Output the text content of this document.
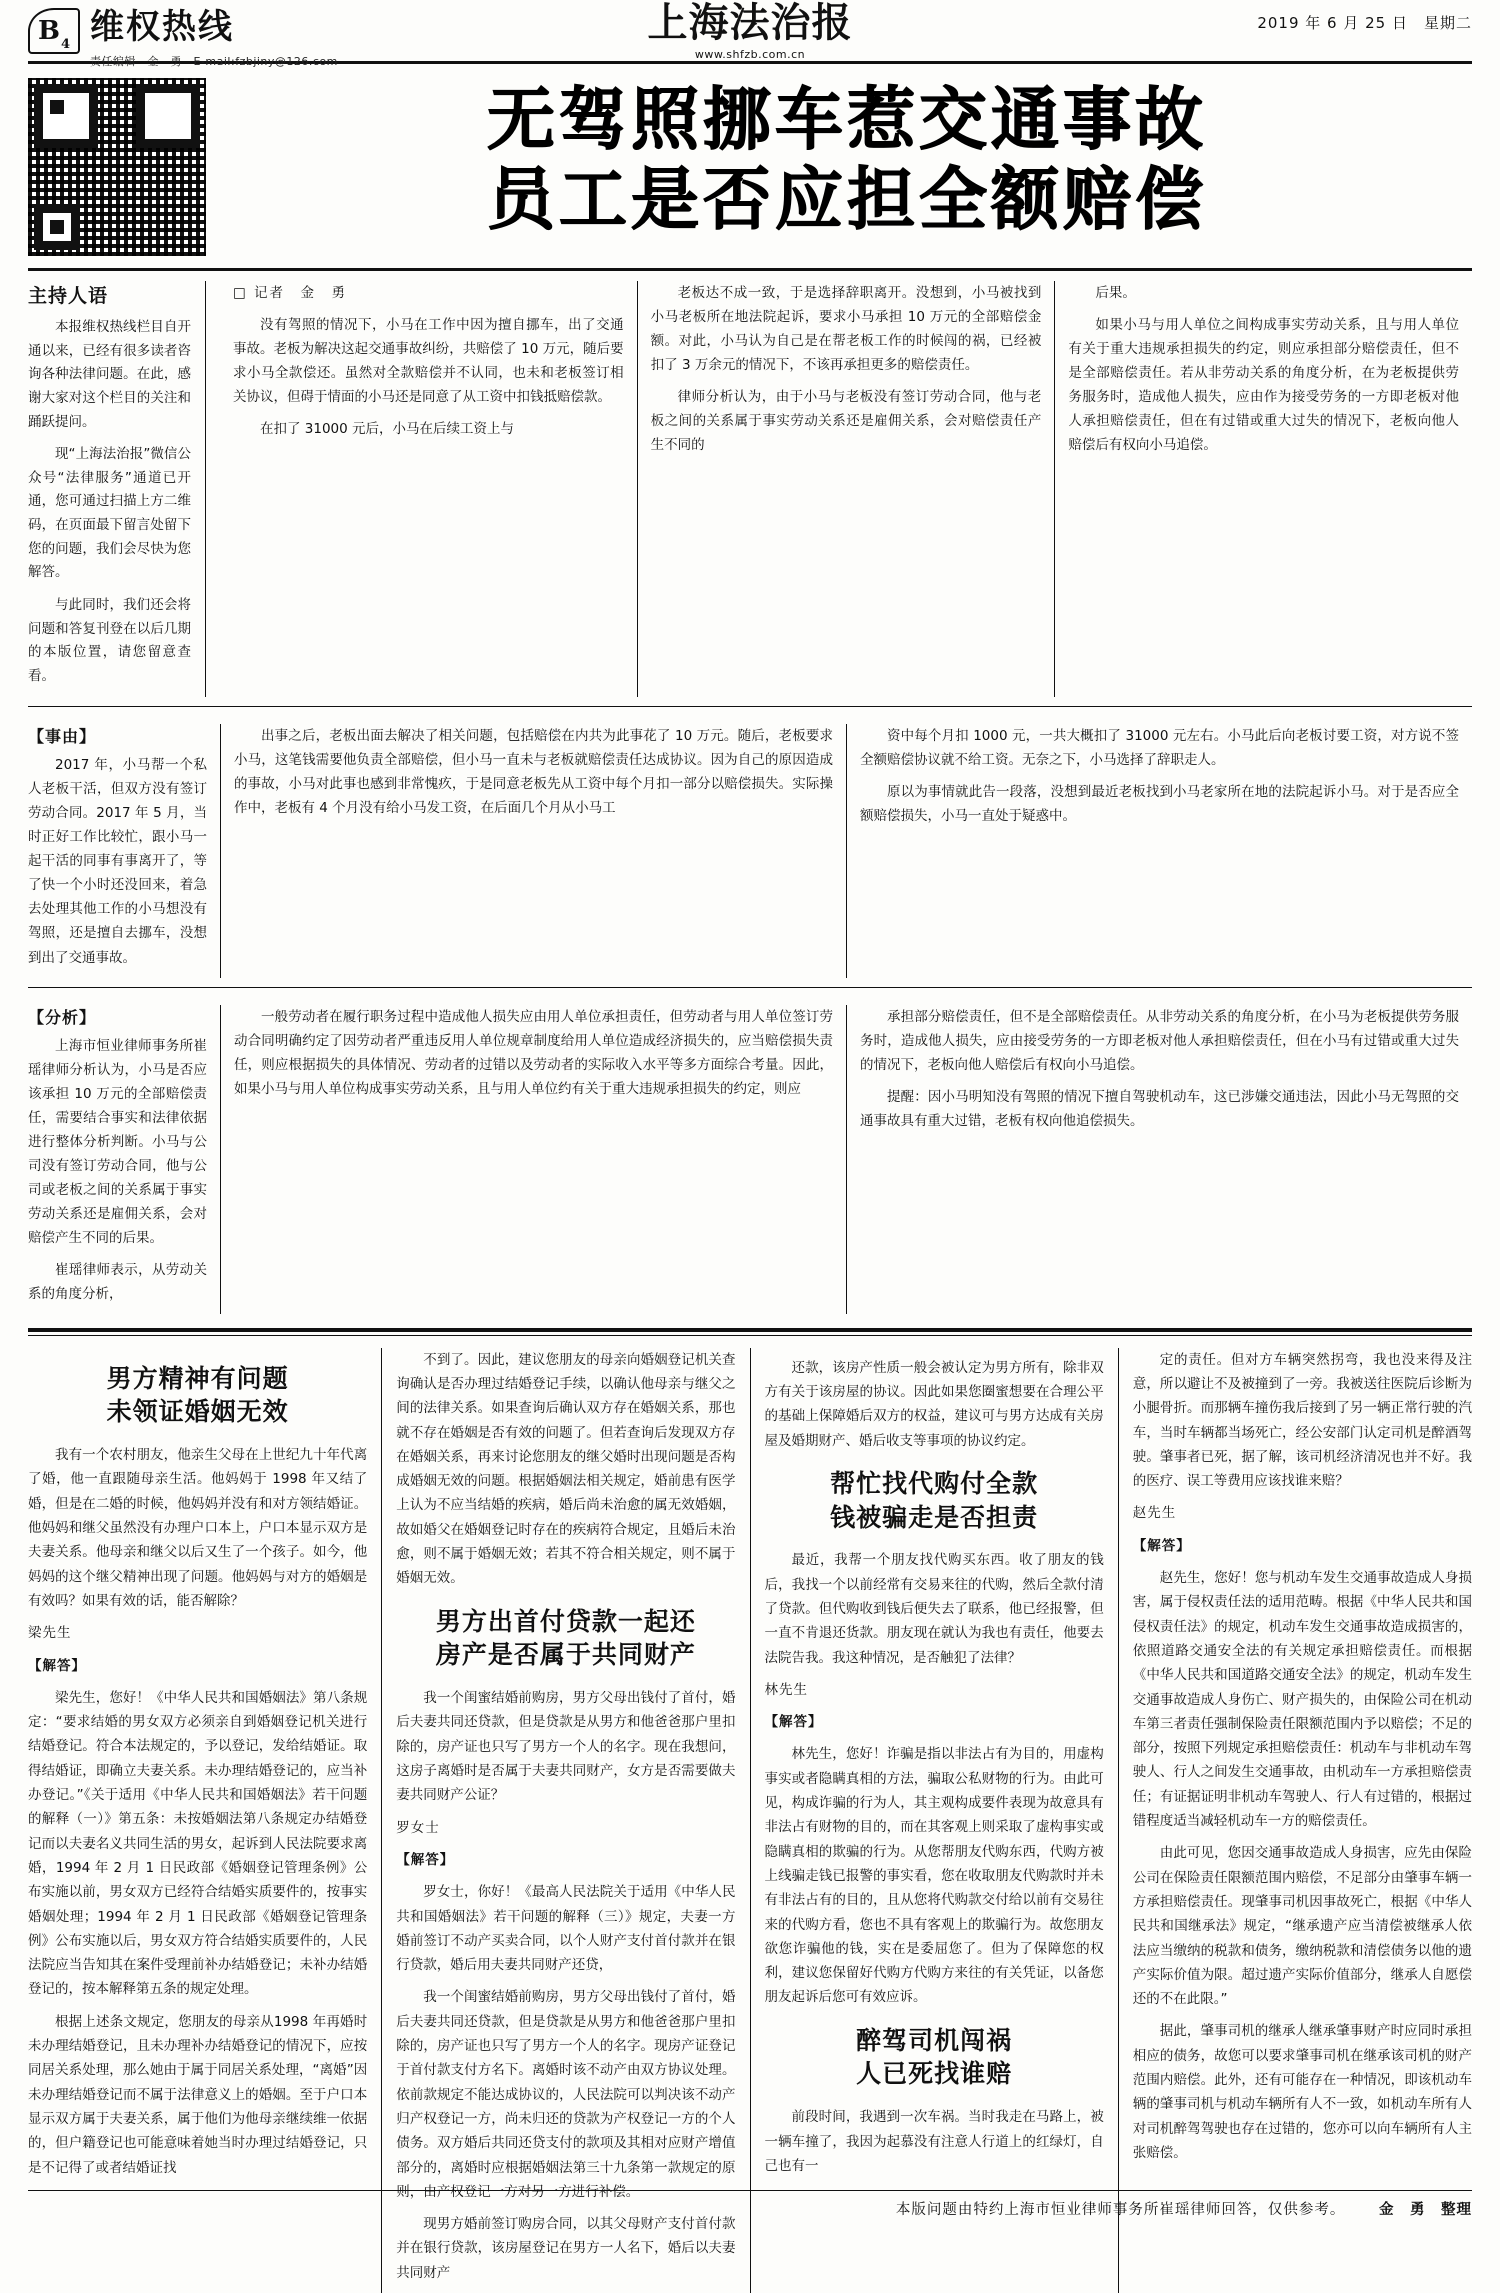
B 4 维权热线
责任编辑　金　勇　E-mail:fzbjiny@126.com
上海法治报
www.shfzb.com.cn
2019 年 6 月 25 日　星期二
无驾照挪车惹交通事故
员工是否应担全额赔偿
主持人语

本报维权热线栏目自开通以来，已经有很多读者咨询各种法律问题。在此，感谢大家对这个栏目的关注和踊跃提问。

现“上海法治报”微信公众号“法律服务”通道已开通，您可通过扫描上方二维码，在页面最下留言处留下您的问题，我们会尽快为您解答。

与此同时，我们还会将问题和答复刊登在以后几期的本版位置，请您留意查看。

□ 记者　金　勇

没有驾照的情况下，小马在工作中因为擅自挪车，出了交通事故。老板为解决这起交通事故纠纷，共赔偿了 10 万元，随后要求小马全款偿还。虽然对全款赔偿并不认同，也未和老板签订相关协议，但碍于情面的小马还是同意了从工资中扣钱抵赔偿款。

在扣了 31000 元后，小马在后续工资上与

老板达不成一致，于是选择辞职离开。没想到，小马被找到小马老板所在地法院起诉，要求小马承担 10 万元的全部赔偿金额。对此，小马认为自己是在帮老板工作的时候闯的祸，已经被扣了 3 万余元的情况下，不该再承担更多的赔偿责任。

律师分析认为，由于小马与老板没有签订劳动合同，他与老板之间的关系属于事实劳动关系还是雇佣关系，会对赔偿责任产生不同的

后果。

如果小马与用人单位之间构成事实劳动关系，且与用人单位有关于重大违规承担损失的约定，则应承担部分赔偿责任，但不是全部赔偿责任。若从非劳动关系的角度分析，在为老板提供劳务服务时，造成他人损失，应由作为接受劳务的一方即老板对他人承担赔偿责任，但在有过错或重大过失的情况下，老板向他人赔偿后有权向小马追偿。

【事由】

2017 年，小马帮一个私人老板干活，但双方没有签订劳动合同。2017 年 5 月，当时正好工作比较忙，跟小马一起干活的同事有事离开了，等了快一个小时还没回来，着急去处理其他工作的小马想没有驾照，还是擅自去挪车，没想到出了交通事故。

出事之后，老板出面去解决了相关问题，包括赔偿在内共为此事花了 10 万元。随后，老板要求小马，这笔钱需要他负责全部赔偿，但小马一直未与老板就赔偿责任达成协议。因为自己的原因造成的事故，小马对此事也感到非常愧疚，于是同意老板先从工资中每个月扣一部分以赔偿损失。实际操作中，老板有 4 个月没有给小马发工资，在后面几个月从小马工

资中每个月扣 1000 元，一共大概扣了 31000 元左右。小马此后向老板讨要工资，对方说不签全额赔偿协议就不给工资。无奈之下，小马选择了辞职走人。

原以为事情就此告一段落，没想到最近老板找到小马老家所在地的法院起诉小马。对于是否应全额赔偿损失，小马一直处于疑惑中。

【分析】

上海市恒业律师事务所崔瑶律师分析认为，小马是否应该承担 10 万元的全部赔偿责任，需要结合事实和法律依据进行整体分析判断。小马与公司没有签订劳动合同，他与公司或老板之间的关系属于事实劳动关系还是雇佣关系，会对赔偿产生不同的后果。

崔瑶律师表示，从劳动关系的角度分析，

一般劳动者在履行职务过程中造成他人损失应由用人单位承担责任，但劳动者与用人单位签订劳动合同明确约定了因劳动者严重违反用人单位规章制度给用人单位造成经济损失的，应当赔偿损失责任，则应根据损失的具体情况、劳动者的过错以及劳动者的实际收入水平等多方面综合考量。因此，如果小马与用人单位构成事实劳动关系，且与用人单位约有关于重大违规承担损失的约定，则应

承担部分赔偿责任，但不是全部赔偿责任。从非劳动关系的角度分析，在小马为老板提供劳务服务时，造成他人损失，应由接受劳务的一方即老板对他人承担赔偿责任，但在小马有过错或重大过失的情况下，老板向他人赔偿后有权向小马追偿。

提醒：因小马明知没有驾照的情况下擅自驾驶机动车，这已涉嫌交通违法，因此小马无驾照的交通事故具有重大过错，老板有权向他追偿损失。

男方精神有问题
未领证婚姻无效

我有一个农村朋友，他亲生父母在上世纪九十年代离了婚，他一直跟随母亲生活。他妈妈于 1998 年又结了婚，但是在二婚的时候，他妈妈并没有和对方领结婚证。他妈妈和继父虽然没有办理户口本上，户口本显示双方是夫妻关系。他母亲和继父以后又生了一个孩子。如今，他妈妈的这个继父精神出现了问题。他妈妈与对方的婚姻是有效吗？如果有效的话，能否解除？

梁先生

【解答】

梁先生，您好！《中华人民共和国婚姻法》第八条规定：“要求结婚的男女双方必须亲自到婚姻登记机关进行结婚登记。符合本法规定的，予以登记，发给结婚证。取得结婚证，即确立夫妻关系。未办理结婚登记的，应当补办登记。”《关于适用《中华人民共和国婚姻法》若干问题的解释（一）》第五条：未按婚姻法第八条规定办结婚登记而以夫妻名义共同生活的男女，起诉到人民法院要求离婚，1994 年 2 月 1 日民政部《婚姻登记管理条例》公布实施以前，男女双方已经符合结婚实质要件的，按事实婚姻处理；1994 年 2 月 1 日民政部《婚姻登记管理条例》公布实施以后，男女双方符合结婚实质要件的，人民法院应当告知其在案件受理前补办结婚登记；未补办结婚登记的，按本解释第五条的规定处理。

根据上述条文规定，您朋友的母亲从1998 年再婚时未办理结婚登记，且未办理补办结婚登记的情况下，应按同居关系处理，那么她由于属于同居关系处理，“离婚”因未办理结婚登记而不属于法律意义上的婚姻。至于户口本显示双方属于夫妻关系，属于他们为他母亲继续维一依据的，但户籍登记也可能意味着她当时办理过结婚登记，只是不记得了或者结婚证找

不到了。因此，建议您朋友的母亲向婚姻登记机关查询确认是否办理过结婚登记手续，以确认他母亲与继父之间的法律关系。如果查询后确认双方存在婚姻关系，那也就不存在婚姻是否有效的问题了。但若查询后发现双方存在婚姻关系，再来讨论您朋友的继父婚时出现问题是否构成婚姻无效的问题。根据婚姻法相关规定，婚前患有医学上认为不应当结婚的疾病，婚后尚未治愈的属无效婚姻，故如婚父在婚姻登记时存在的疾病符合规定，且婚后未治愈，则不属于婚姻无效；若其不符合相关规定，则不属于婚姻无效。

男方出首付贷款一起还
房产是否属于共同财产

我一个闺蜜结婚前购房，男方父母出钱付了首付，婚后夫妻共同还贷款，但是贷款是从男方和他爸爸那户里扣除的，房产证也只写了男方一个人的名字。现在我想问，这房子离婚时是否属于夫妻共同财产，女方是否需要做夫妻共同财产公证？

罗女士

【解答】

罗女士，你好！《最高人民法院关于适用《中华人民共和国婚姻法》若干问题的解释（三）》规定，夫妻一方婚前签订不动产买卖合同，以个人财产支付首付款并在银行贷款，婚后用夫妻共同财产还贷，

我一个闺蜜结婚前购房，男方父母出钱付了首付，婚后夫妻共同还贷款，但是贷款是从男方和他爸爸那户里扣除的，房产证也只写了男方一个人的名字。现房产证登记于首付款支付方名下。离婚时该不动产由双方协议处理。依前款规定不能达成协议的，人民法院可以判决该不动产归产权登记一方，尚未归还的贷款为产权登记一方的个人债务。双方婚后共同还贷支付的款项及其相对应财产增值部分的，离婚时应根据婚姻法第三十九条第一款规定的原则，由产权登记一方对另一方进行补偿。

现男方婚前签订购房合同，以其父母财产支付首付款并在银行贷款，该房屋登记在男方一人名下，婚后以夫妻共同财产

还款，该房产性质一般会被认定为男方所有，除非双方有关于该房屋的协议。因此如果您圈蜜想要在合理公平的基础上保障婚后双方的权益，建议可与男方达成有关房屋及婚期财产、婚后收支等事项的协议约定。

帮忙找代购付全款
钱被骗走是否担责

最近，我帮一个朋友找代购买东西。收了朋友的钱后，我找一个以前经常有交易来往的代购，然后全款付清了贷款。但代购收到钱后便失去了联系，他已经报警，但一直不肯退还货款。朋友现在就认为我也有责任，他要去法院告我。我这种情况，是否触犯了法律？

林先生

【解答】

林先生，您好！诈骗是指以非法占有为目的，用虚构事实或者隐瞒真相的方法，骗取公私财物的行为。由此可见，构成诈骗的行为人，其主观构成要件表现为故意具有非法占有财物的目的，而在其客观上则采取了虚构事实或隐瞒真相的欺骗的行为。从您帮朋友代购东西，代购方被上线骗走钱已报警的事实看，您在收取朋友代购款时并未有非法占有的目的，且从您将代购款交付给以前有交易往来的代购方看，您也不具有客观上的欺骗行为。故您朋友欲您诈骗他的钱，实在是委屈您了。但为了保障您的权利，建议您保留好代购方代购方来往的有关凭证，以备您朋友起诉后您可有效应诉。

醉驾司机闯祸
人已死找谁赔

前段时间，我遇到一次车祸。当时我走在马路上，被一辆车撞了，我因为起慕没有注意人行道上的红绿灯，自己也有一

定的责任。但对方车辆突然拐弯，我也没来得及注意，所以避让不及被撞到了一旁。我被送往医院后诊断为小腿骨折。而那辆车撞伤我后接到了另一辆正常行驶的汽车，当时车辆都当场死亡，经公安部门认定司机是醉酒驾驶。肇事者已死，据了解，该司机经济清况也并不好。我的医疗、误工等费用应该找谁来赔？

赵先生

【解答】

赵先生，您好！您与机动车发生交通事故造成人身损害，属于侵权责任法的适用范畴。根据《中华人民共和国侵权责任法》的规定，机动车发生交通事故造成损害的，依照道路交通安全法的有关规定承担赔偿责任。而根据《中华人民共和国道路交通安全法》的规定，机动车发生交通事故造成人身伤亡、财产损失的，由保险公司在机动车第三者责任强制保险责任限额范围内予以赔偿；不足的部分，按照下列规定承担赔偿责任：机动车与非机动车驾驶人、行人之间发生交通事故，由机动车一方承担赔偿责任；有证据证明非机动车驾驶人、行人有过错的，根据过错程度适当减轻机动车一方的赔偿责任。

由此可见，您因交通事故造成人身损害，应先由保险公司在保险责任限额范围内赔偿，不足部分由肇事车辆一方承担赔偿责任。现肇事司机因事故死亡，根据《中华人民共和国继承法》规定，“继承遗产应当清偿被继承人依法应当缴纳的税款和债务，缴纳税款和清偿债务以他的遗产实际价值为限。超过遗产实际价值部分，继承人自愿偿还的不在此限。”

据此，肇事司机的继承人继承肇事财产时应同时承担相应的债务，故您可以要求肇事司机在继承该司机的财产范围内赔偿。此外，还有可能存在一种情况，即该机动车辆的肇事司机与机动车辆所有人不一致，如机动车所有人对司机醉驾驾驶也存在过错的，您亦可以向车辆所有人主张赔偿。

本版问题由特约上海市恒业律师事务所崔瑶律师回答，仅供参考。 金　勇　整理
